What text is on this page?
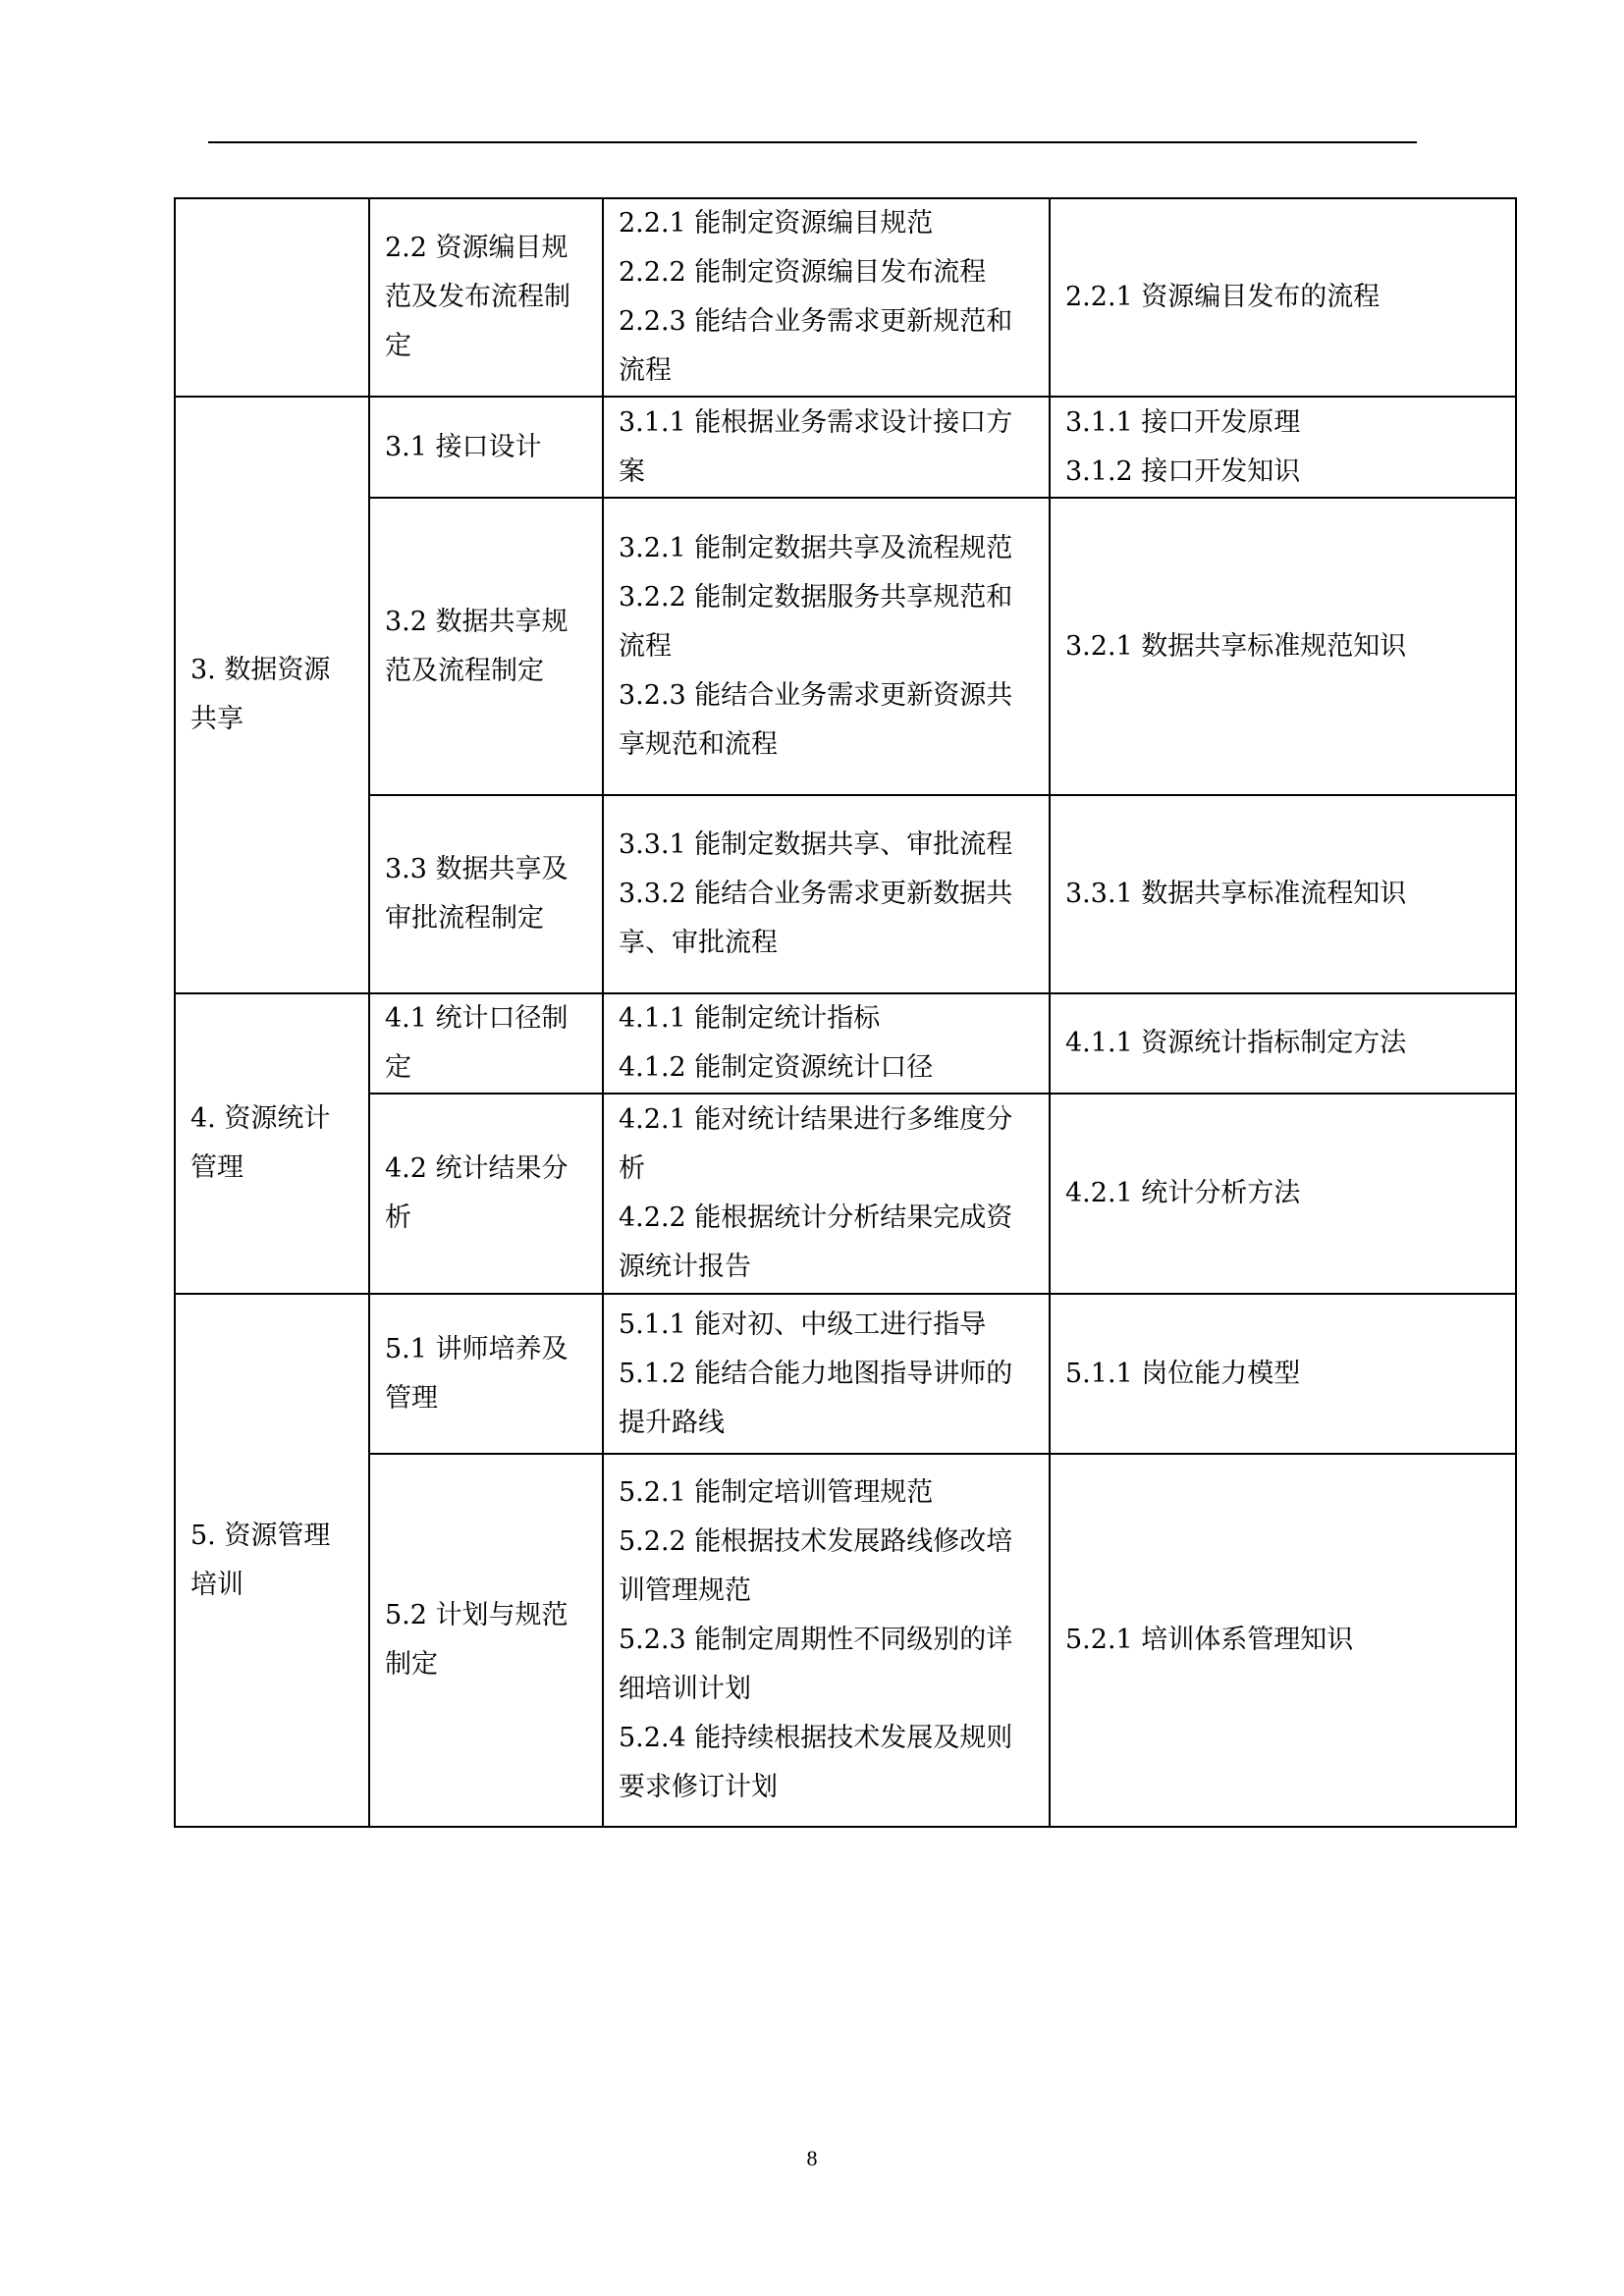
	2.2 资源编目规范及发布流程制定	2.2.1 能制定资源编目规范
2.2.2 能制定资源编目发布流程
2.2.3 能结合业务需求更新规范和流程	2.2.1 资源编目发布的流程

3. 数据资源共享	3.1 接口设计	3.1.1 能根据业务需求设计接口方案	3.1.1 接口开发原理
3.1.2 接口开发知识

	3.2 数据共享规范及流程制定	3.2.1 能制定数据共享及流程规范
3.2.2 能制定数据服务共享规范和流程
3.2.3 能结合业务需求更新资源共享规范和流程	3.2.1 数据共享标准规范知识

	3.3 数据共享及审批流程制定	3.3.1 能制定数据共享、审批流程
3.3.2 能结合业务需求更新数据共享、审批流程	3.3.1 数据共享标准流程知识

4. 资源统计管理	4.1 统计口径制定	4.1.1 能制定统计指标
4.1.2 能制定资源统计口径	4.1.1 资源统计指标制定方法

	4.2 统计结果分析	4.2.1 能对统计结果进行多维度分析
4.2.2 能根据统计分析结果完成资源统计报告	4.2.1 统计分析方法

5. 资源管理培训	5.1 讲师培养及管理	5.1.1 能对初、中级工进行指导
5.1.2 能结合能力地图指导讲师的提升路线	5.1.1 岗位能力模型

	5.2 计划与规范制定	5.2.1 能制定培训管理规范
5.2.2 能根据技术发展路线修改培训管理规范
5.2.3 能制定周期性不同级别的详细培训计划
5.2.4 能持续根据技术发展及规则要求修订计划	5.2.1 培训体系管理知识
8
